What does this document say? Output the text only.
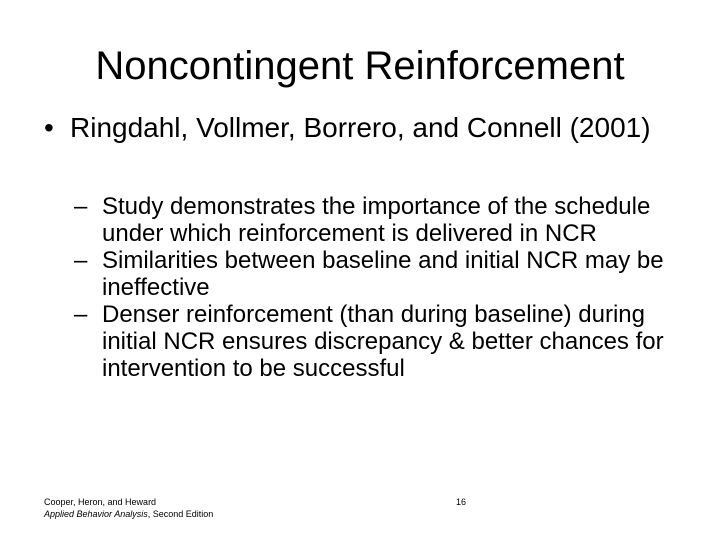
Noncontingent Reinforcement
• Ringdahl, Vollmer, Borrero, and Connell (2001)
– Study demonstrates the importance of the schedule under which reinforcement is delivered in NCR
– Similarities between baseline and initial NCR may be ineffective
– Denser reinforcement (than during baseline) during initial NCR ensures discrepancy & better chances for intervention to be successful
Cooper, Heron, and Heward
Applied Behavior Analysis, Second Edition
16
